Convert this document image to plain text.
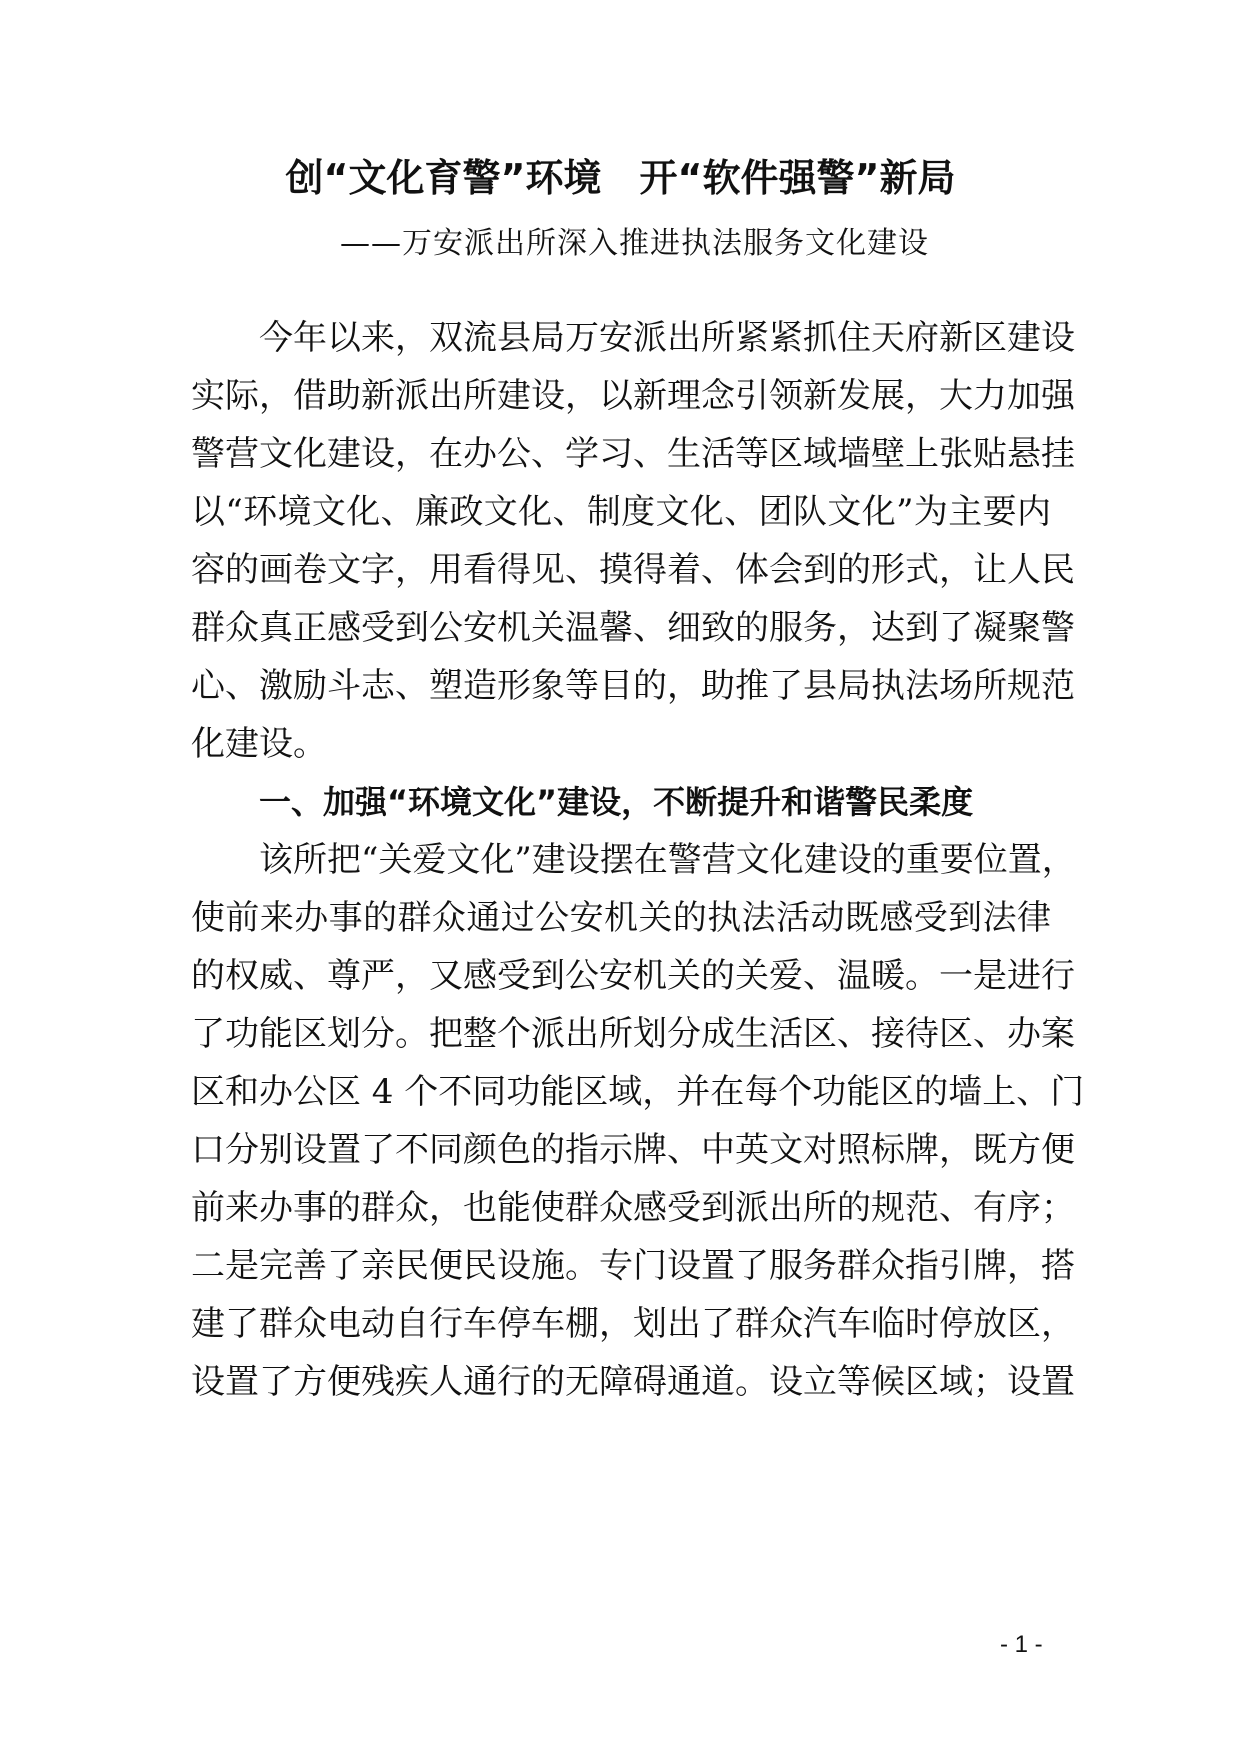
创“文化育警”环境　开“软件强警”新局

——万安派出所深入推进执法服务文化建设

今年以来，双流县局万安派出所紧紧抓住天府新区建设

实际，借助新派出所建设，以新理念引领新发展，大力加强

警营文化建设，在办公、学习、生活等区域墙壁上张贴悬挂

以“环境文化、廉政文化、制度文化、团队文化”为主要内

容的画卷文字，用看得见、摸得着、体会到的形式，让人民

群众真正感受到公安机关温馨、细致的服务，达到了凝聚警

心、激励斗志、塑造形象等目的，助推了县局执法场所规范

化建设。

一、加强“环境文化”建设，不断提升和谐警民柔度

该所把“关爱文化”建设摆在警营文化建设的重要位置，

使前来办事的群众通过公安机关的执法活动既感受到法律

的权威、尊严，又感受到公安机关的关爱、温暖。一是进行

了功能区划分。把整个派出所划分成生活区、接待区、办案

区和办公区 4 个不同功能区域，并在每个功能区的墙上、门

口分别设置了不同颜色的指示牌、中英文对照标牌，既方便

前来办事的群众，也能使群众感受到派出所的规范、有序；

二是完善了亲民便民设施。专门设置了服务群众指引牌，搭

建了群众电动自行车停车棚，划出了群众汽车临时停放区，

设置了方便残疾人通行的无障碍通道。设立等候区域；设置

- 1 -
